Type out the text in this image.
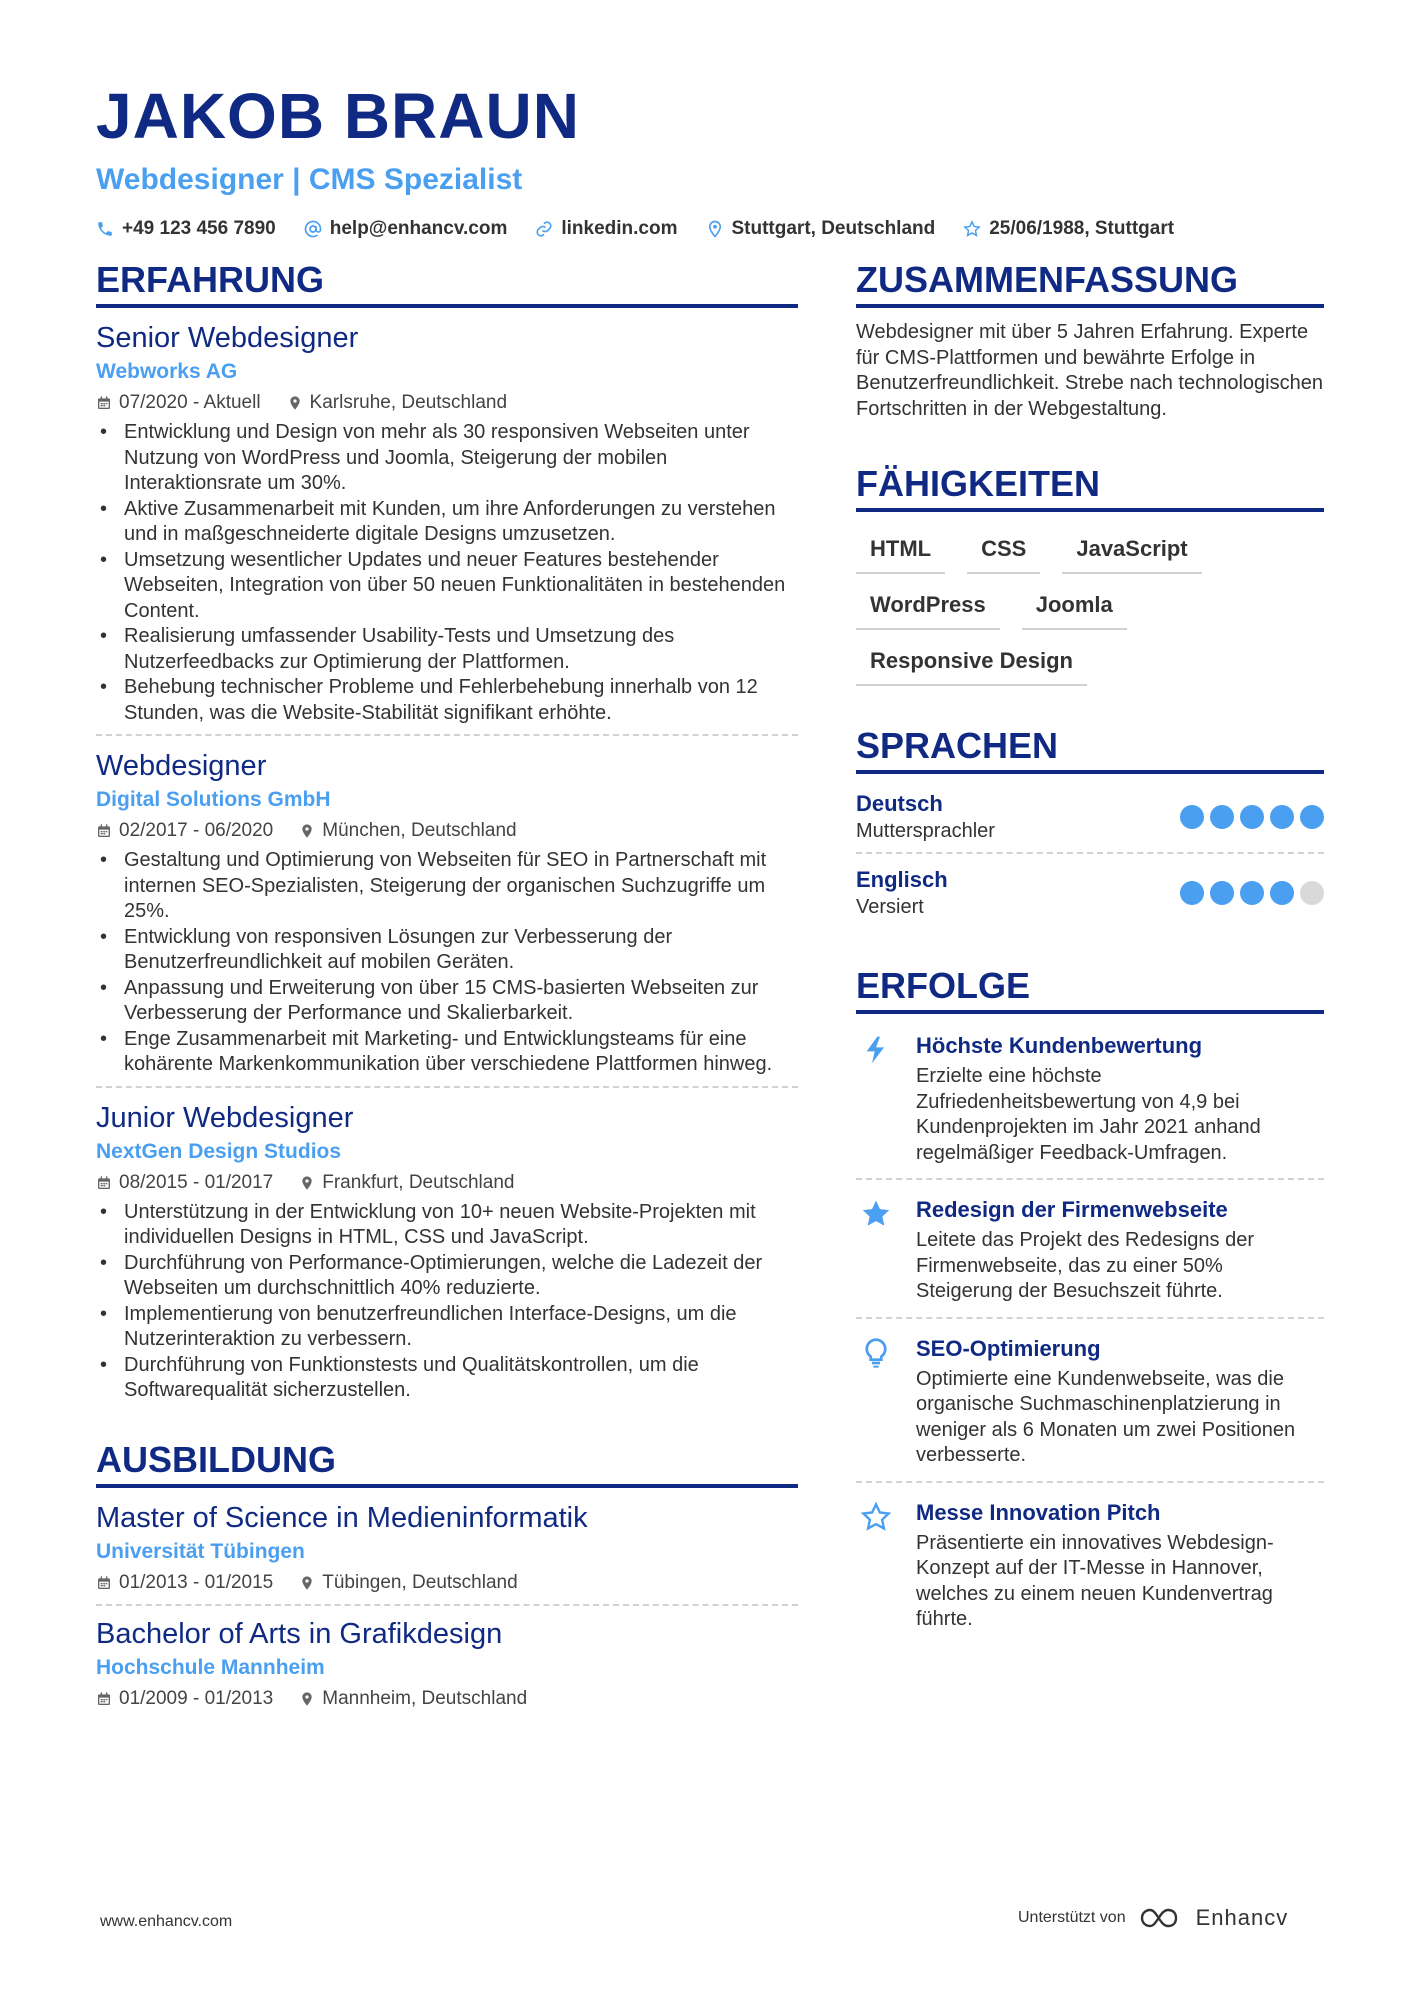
JAKOB BRAUN
Webdesigner | CMS Spezialist
+49 123 456 7890	help@enhancv.com	linkedin.com	Stuttgart, Deutschland	25/06/1988, Stuttgart
ERFAHRUNG
Senior Webdesigner
Webworks AG
07/2020 - Aktuell	Karlsruhe, Deutschland
• Entwicklung und Design von mehr als 30 responsiven Webseiten unter Nutzung von WordPress und Joomla, Steigerung der mobilen Interaktionsrate um 30%.
• Aktive Zusammenarbeit mit Kunden, um ihre Anforderungen zu verstehen und in maßgeschneiderte digitale Designs umzusetzen.
• Umsetzung wesentlicher Updates und neuer Features bestehender Webseiten, Integration von über 50 neuen Funktionalitäten in bestehenden Content.
• Realisierung umfassender Usability-Tests und Umsetzung des Nutzerfeedbacks zur Optimierung der Plattformen.
• Behebung technischer Probleme und Fehlerbehebung innerhalb von 12 Stunden, was die Website-Stabilität signifikant erhöhte.
Webdesigner
Digital Solutions GmbH
02/2017 - 06/2020	München, Deutschland
• Gestaltung und Optimierung von Webseiten für SEO in Partnerschaft mit internen SEO-Spezialisten, Steigerung der organischen Suchzugriffe um 25%.
• Entwicklung von responsiven Lösungen zur Verbesserung der Benutzerfreundlichkeit auf mobilen Geräten.
• Anpassung und Erweiterung von über 15 CMS-basierten Webseiten zur Verbesserung der Performance und Skalierbarkeit.
• Enge Zusammenarbeit mit Marketing- und Entwicklungsteams für eine kohärente Markenkommunikation über verschiedene Plattformen hinweg.
Junior Webdesigner
NextGen Design Studios
08/2015 - 01/2017	Frankfurt, Deutschland
• Unterstützung in der Entwicklung von 10+ neuen Website-Projekten mit individuellen Designs in HTML, CSS und JavaScript.
• Durchführung von Performance-Optimierungen, welche die Ladezeit der Webseiten um durchschnittlich 40% reduzierte.
• Implementierung von benutzerfreundlichen Interface-Designs, um die Nutzerinteraktion zu verbessern.
• Durchführung von Funktionstests und Qualitätskontrollen, um die Softwarequalität sicherzustellen.
AUSBILDUNG
Master of Science in Medieninformatik
Universität Tübingen
01/2013 - 01/2015	Tübingen, Deutschland
Bachelor of Arts in Grafikdesign
Hochschule Mannheim
01/2009 - 01/2013	Mannheim, Deutschland
ZUSAMMENFASSUNG
Webdesigner mit über 5 Jahren Erfahrung. Experte für CMS-Plattformen und bewährte Erfolge in Benutzerfreundlichkeit. Strebe nach technologischen Fortschritten in der Webgestaltung.
FÄHIGKEITEN
HTML	CSS	JavaScript
WordPress	Joomla
Responsive Design
SPRACHEN
Deutsch
Muttersprachler
Englisch
Versiert
ERFOLGE
Höchste Kundenbewertung
Erzielte eine höchste Zufriedenheitsbewertung von 4,9 bei Kundenprojekten im Jahr 2021 anhand regelmäßiger Feedback-Umfragen.
Redesign der Firmenwebseite
Leitete das Projekt des Redesigns der Firmenwebseite, das zu einer 50% Steigerung der Besuchszeit führte.
SEO-Optimierung
Optimierte eine Kundenwebseite, was die organische Suchmaschinenplatzierung in weniger als 6 Monaten um zwei Positionen verbesserte.
Messe Innovation Pitch
Präsentierte ein innovatives Webdesign-Konzept auf der IT-Messe in Hannover, welches zu einem neuen Kundenvertrag führte.
www.enhancv.com	Unterstützt von	Enhancv
